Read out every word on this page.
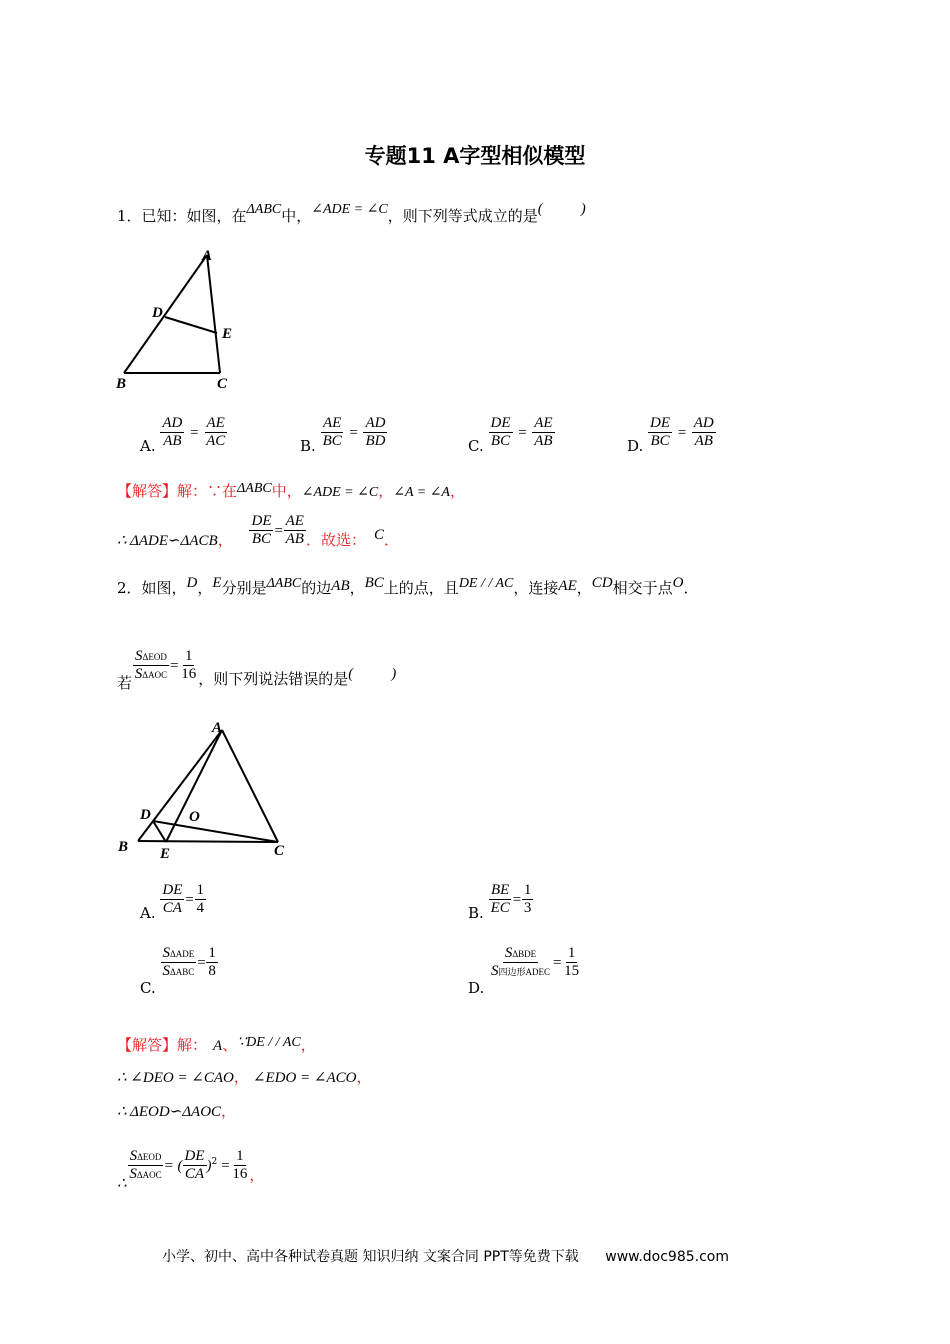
专题11 A字型相似模型
1．已知：如图，在ΔABC中，∠ADE = ∠C，则下列等式成立的是(	)
A
D
E
B	C
A. $\frac{AD}{AB} = \frac{AE}{AC}$	B. $\frac{AE}{BC} = \frac{AD}{BD}$	C. $\frac{DE}{BC} = \frac{AE}{AB}$	D. $\frac{DE}{BC} = \frac{AD}{AB}$
【解答】解：∵在ΔABC中，∠ADE = ∠C，∠A = ∠A，
∴ ΔADE∽ΔACB， $\frac{DE}{BC} = \frac{AE}{AB}$ ．故选： C．
2．如图，D，E分别是ΔABC的边AB，BC上的点，且DE / / AC，连接AE，CD相交于点O．
若 $\frac{\text{SΔEOD}}{\text{SΔAOC}} = \frac{1}{16}$ ，则下列说法错误的是(	)
A
D	O
B E	C
A. $\frac{DE}{CA} = \frac{1}{4}$	B. $\frac{BE}{EC} = \frac{1}{3}$
C.
$\frac{\text{SΔADE}}{\text{SΔABC}} = \frac{1}{8}$
D.
$\frac{\text{SΔBDE}}{\text{S四边形ADEC}} = \frac{1}{15}$
【解答】解： A、∵DE / / AC，
∴ ∠DEO = ∠CAO， ∠EDO = ∠ACO，
∴ ΔEOD∽ΔAOC，
∴
$\frac{\text{SΔEOD}}{\text{SΔAOC}}$ = ( $\frac{DE}{CA} )^2 = \frac{1}{16}$ ，
小学、初中、高中各种试卷真题 知识归纳 文案合同 PPT等免费下载 www.doc985.com
